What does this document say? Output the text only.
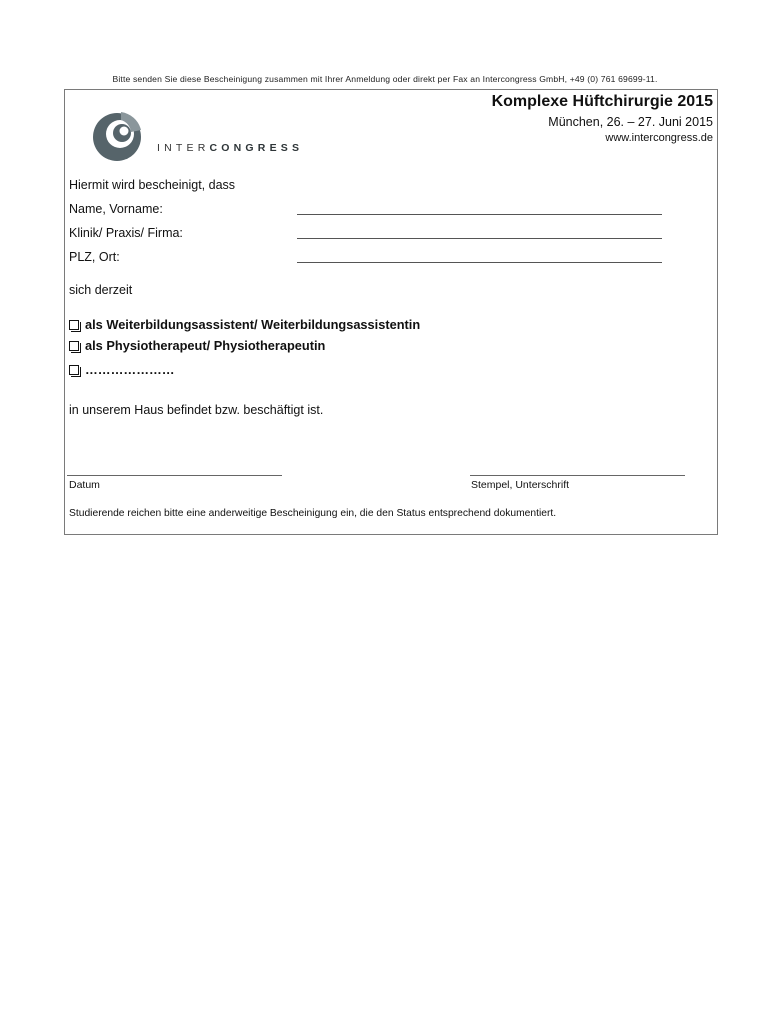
Bitte senden Sie diese Bescheinigung zusammen mit Ihrer Anmeldung oder direkt per Fax an Intercongress GmbH, +49 (0) 761 69699-11.
INTERCONGRESS
Komplexe Hüftchirurgie 2015
München, 26. – 27. Juni 2015
www.intercongress.de
Hiermit wird bescheinigt, dass
Name, Vorname:
Klinik/ Praxis/ Firma:
PLZ, Ort:
sich derzeit
als Weiterbildungsassistent/ Weiterbildungsassistentin
als Physiotherapeut/ Physiotherapeutin
…………………
in unserem Haus befindet bzw. beschäftigt ist.
Datum	Stempel, Unterschrift
Studierende reichen bitte eine anderweitige Bescheinigung ein, die den Status entsprechend dokumentiert.
